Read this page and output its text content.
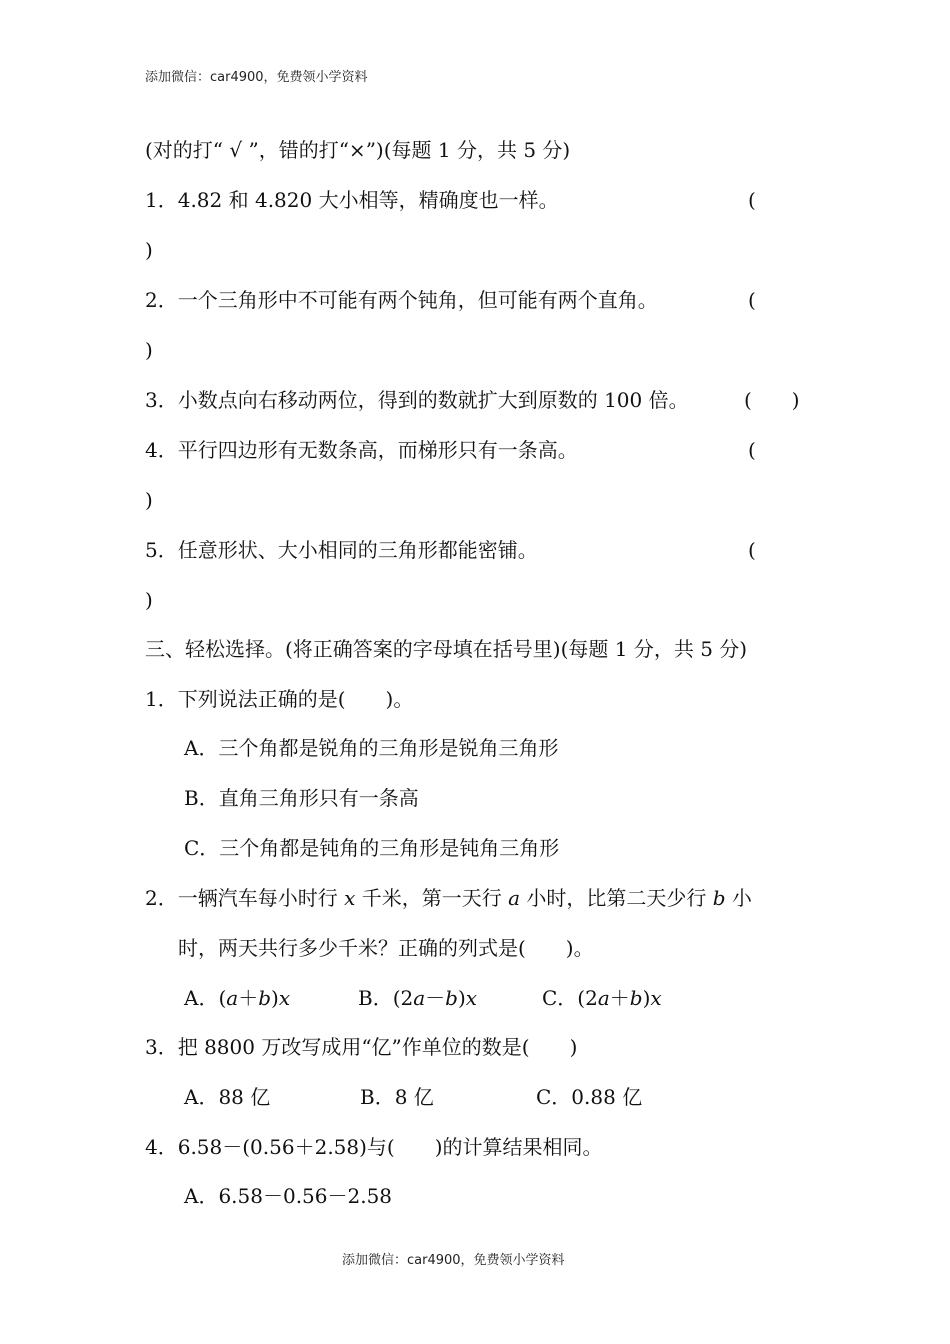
添加微信：car4900，免费领小学资料
(对的打“ √ ”，错的打“×”)(每题 1 分，共 5 分)
1．4.82 和 4.820 大小相等，精确度也一样。	(
)
2．一个三角形中不可能有两个钝角，但可能有两个直角。	(
)
3．小数点向右移动两位，得到的数就扩大到原数的 100 倍。	(　　)
4．平行四边形有无数条高，而梯形只有一条高。	(
)
5．任意形状、大小相同的三角形都能密铺。	(
)
三、轻松选择。(将正确答案的字母填在括号里)(每题 1 分，共 5 分)
1．下列说法正确的是(　　)。
A．三个角都是锐角的三角形是锐角三角形
B．直角三角形只有一条高
C．三个角都是钝角的三角形是钝角三角形
2．一辆汽车每小时行 x 千米，第一天行 a 小时，比第二天少行 b 小
时，两天共行多少千米？正确的列式是(　　)。
A．(a＋b)x	B．(2a－b)x	C．(2a＋b)x
3．把 8800 万改写成用“亿”作单位的数是(　　)
A．88 亿	B．8 亿	C．0.88 亿
4．6.58－(0.56＋2.58)与(　　)的计算结果相同。
A．6.58－0.56－2.58
添加微信：car4900，免费领小学资料
